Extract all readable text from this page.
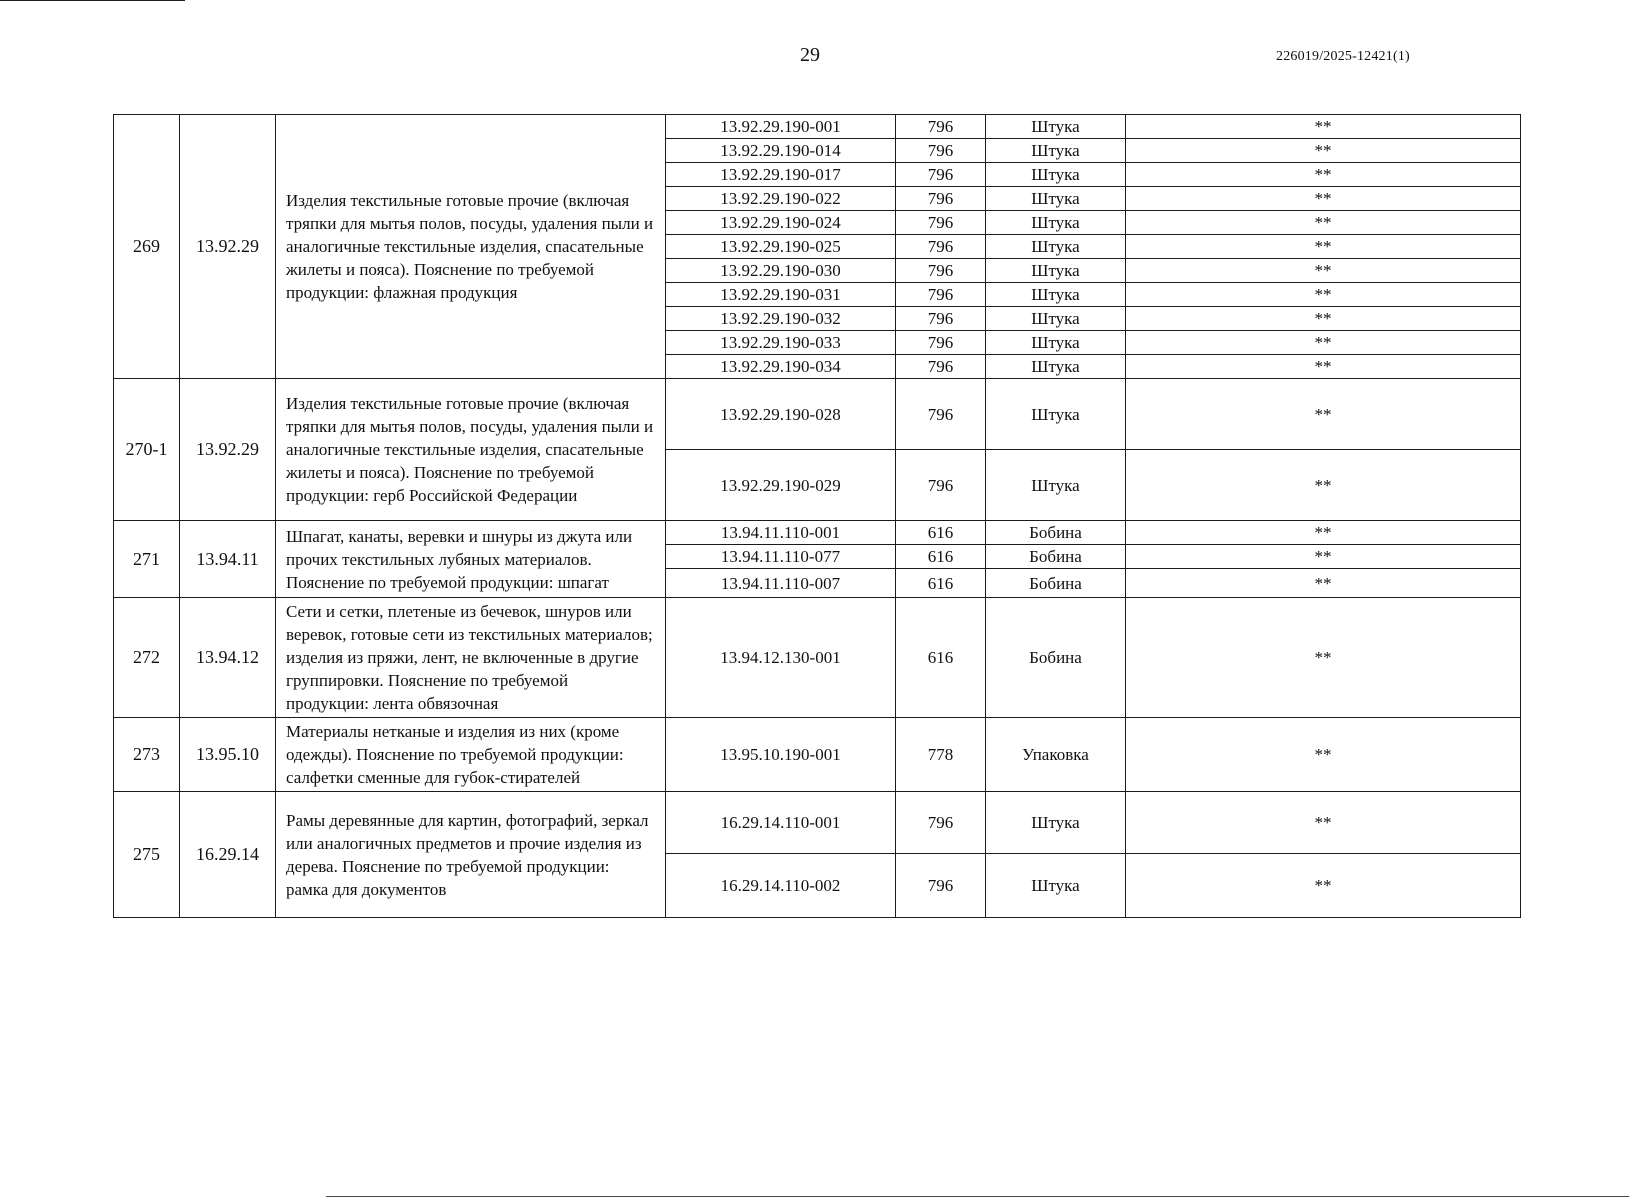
29	226019/2025-12421(1)
269	13.92.29	Изделия текстильные готовые прочие (включая тряпки для мытья полов, посуды, удаления пыли и аналогичные текстильные изделия, спасательные жилеты и пояса). Пояснение по требуемой продукции: флажная продукция	13.92.29.190-001	796	Штука	**
			13.92.29.190-014	796	Штука	**
			13.92.29.190-017	796	Штука	**
			13.92.29.190-022	796	Штука	**
			13.92.29.190-024	796	Штука	**
			13.92.29.190-025	796	Штука	**
			13.92.29.190-030	796	Штука	**
			13.92.29.190-031	796	Штука	**
			13.92.29.190-032	796	Штука	**
			13.92.29.190-033	796	Штука	**
			13.92.29.190-034	796	Штука	**
270-1	13.92.29	Изделия текстильные готовые прочие (включая тряпки для мытья полов, посуды, удаления пыли и аналогичные текстильные изделия, спасательные жилеты и пояса). Пояснение по требуемой продукции: герб Российской Федерации	13.92.29.190-028	796	Штука	**
			13.92.29.190-029	796	Штука	**
271	13.94.11	Шпагат, канаты, веревки и шнуры из джута или прочих текстильных лубяных материалов. Пояснение по требуемой продукции: шпагат	13.94.11.110-001	616	Бобина	**
			13.94.11.110-077	616	Бобина	**
			13.94.11.110-007	616	Бобина	**
272	13.94.12	Сети и сетки, плетеные из бечевок, шнуров или веревок, готовые сети из текстильных материалов; изделия из пряжи, лент, не включенные в другие группировки. Пояснение по требуемой продукции: лента обвязочная	13.94.12.130-001	616	Бобина	**
273	13.95.10	Материалы нетканые и изделия из них (кроме одежды). Пояснение по требуемой продукции: салфетки сменные для губок-стирателей	13.95.10.190-001	778	Упаковка	**
275	16.29.14	Рамы деревянные для картин, фотографий, зеркал или аналогичных предметов и прочие изделия из дерева. Пояснение по требуемой продукции: рамка для документов	16.29.14.110-001	796	Штука	**
			16.29.14.110-002	796	Штука	**
